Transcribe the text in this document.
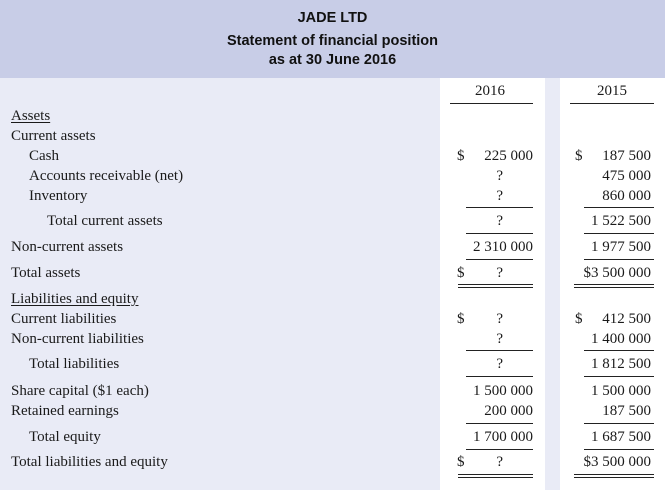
JADE LTD
Statement of financial position
as at 30 June 2016
2016	2015
Assets
Current assets
Cash	$	225 000	$	187 500
Accounts receivable (net)	?	475 000
Inventory	?	860 000
Total current assets	?	1 522 500
Non-current assets	2 310 000	1 977 500
Total assets	$	?	$3 500 000
Liabilities and equity
Current liabilities	$	?	$	412 500
Non-current liabilities	?	1 400 000
Total liabilities	?	1 812 500
Share capital ($1 each)	1 500 000	1 500 000
Retained earnings	200 000	187 500
Total equity	1 700 000	1 687 500
Total liabilities and equity	$	?	$3 500 000
